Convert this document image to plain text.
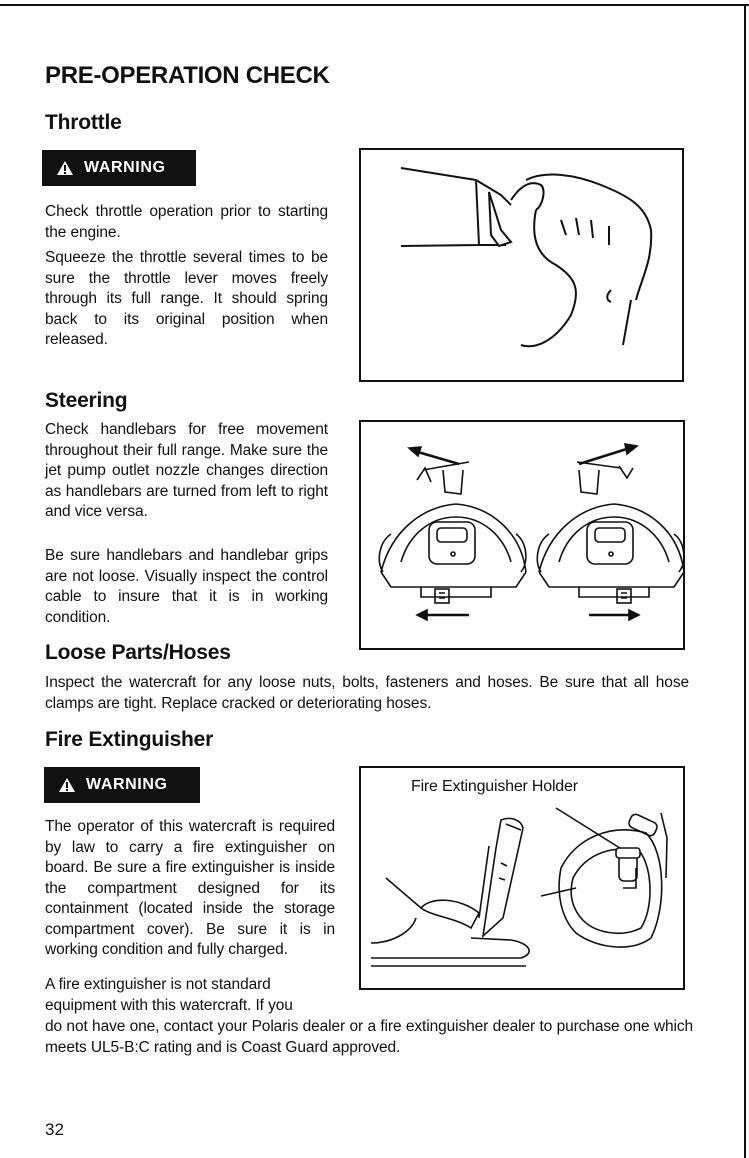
PRE-OPERATION CHECK
Throttle
WARNING

Check throttle operation prior to starting the engine.

Squeeze the throttle several times to be sure the throttle lever moves freely through its full range. It should spring back to its original position when released.

Steering

Check handlebars for free movement throughout their full range. Make sure the jet pump outlet nozzle changes direction as handlebars are turned from left to right and vice versa.

Be sure handlebars and handlebar grips are not loose. Visually inspect the control cable to insure that it is in working condition.

Loose Parts/Hoses

Inspect the watercraft for any loose nuts, bolts, fasteners and hoses. Be sure that all hose clamps are tight. Replace cracked or deteriorating hoses.

Fire Extinguisher
WARNING

The operator of this watercraft is required by law to carry a fire extinguisher on board. Be sure a fire extinguisher is inside the compartment designed for its containment (located inside the storage compartment cover). Be sure it is in working condition and fully charged.

A fire extinguisher is not standard

equipment with this watercraft. If you

do not have one, contact your Polaris dealer or a fire extinguisher dealer to purchase one which meets UL5-B:C rating and is Coast Guard approved.

Fire Extinguisher Holder
32
